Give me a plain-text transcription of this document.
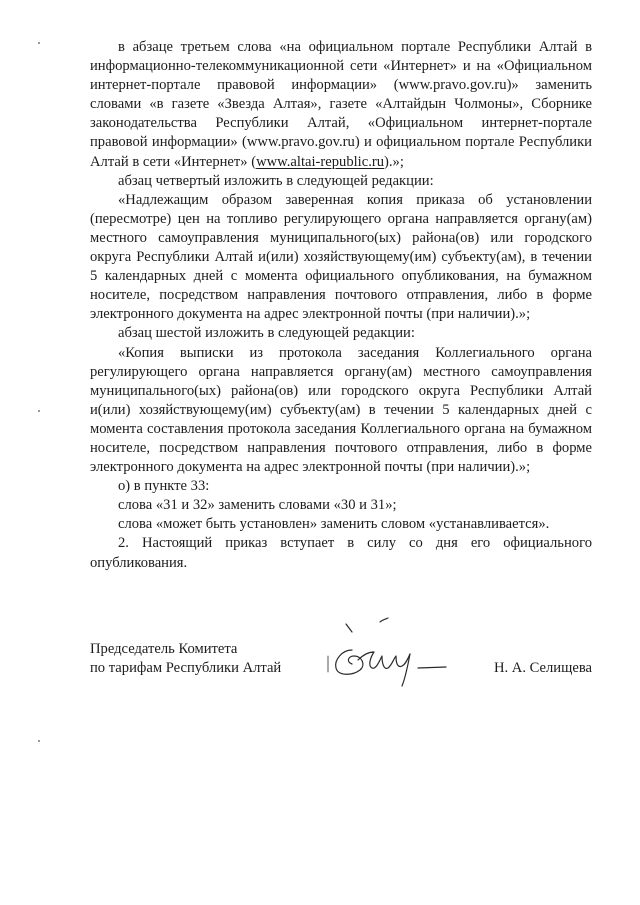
в абзаце третьем слова «на официальном портале Республики Алтай в информационно-телекоммуникационной сети «Интернет» и на «Официальном интернет-портале правовой информации» (www.pravo.gov.ru)» заменить словами «в газете «Звезда Алтая», газете «Алтайдын Чолмоны», Сборнике законодательства Республики Алтай, «Официальном интернет-портале правовой информации» (www.pravo.gov.ru) и официальном портале Республики Алтай в сети «Интернет» (www.altai-republic.ru).»;

абзац четвертый изложить в следующей редакции:

«Надлежащим образом заверенная копия приказа об установлении (пересмотре) цен на топливо регулирующего органа направляется органу(ам) местного самоуправления муниципального(ых) района(ов) или городского округа Республики Алтай и(или) хозяйствующему(им) субъекту(ам), в течении 5 календарных дней с момента официального опубликования, на бумажном носителе, посредством направления почтового отправления, либо в форме электронного документа на адрес электронной почты (при наличии).»;

абзац шестой изложить в следующей редакции:

«Копия выписки из протокола заседания Коллегиального органа регулирующего органа направляется органу(ам) местного самоуправления муниципального(ых) района(ов) или городского округа Республики Алтай и(или) хозяйствующему(им) субъекту(ам) в течении 5 календарных дней с момента составления протокола заседания Коллегиального органа на бумажном носителе, посредством направления почтового отправления, либо в форме электронного документа на адрес электронной почты (при наличии).»;

о) в пункте 33:

слова «31 и 32» заменить словами «30 и 31»;

слова «может быть установлен» заменить словом «устанавливается».

2. Настоящий приказ вступает в силу со дня его официального опубликования.

Председатель Комитета
по тарифам Республики Алтай	Н. А. Селищева
